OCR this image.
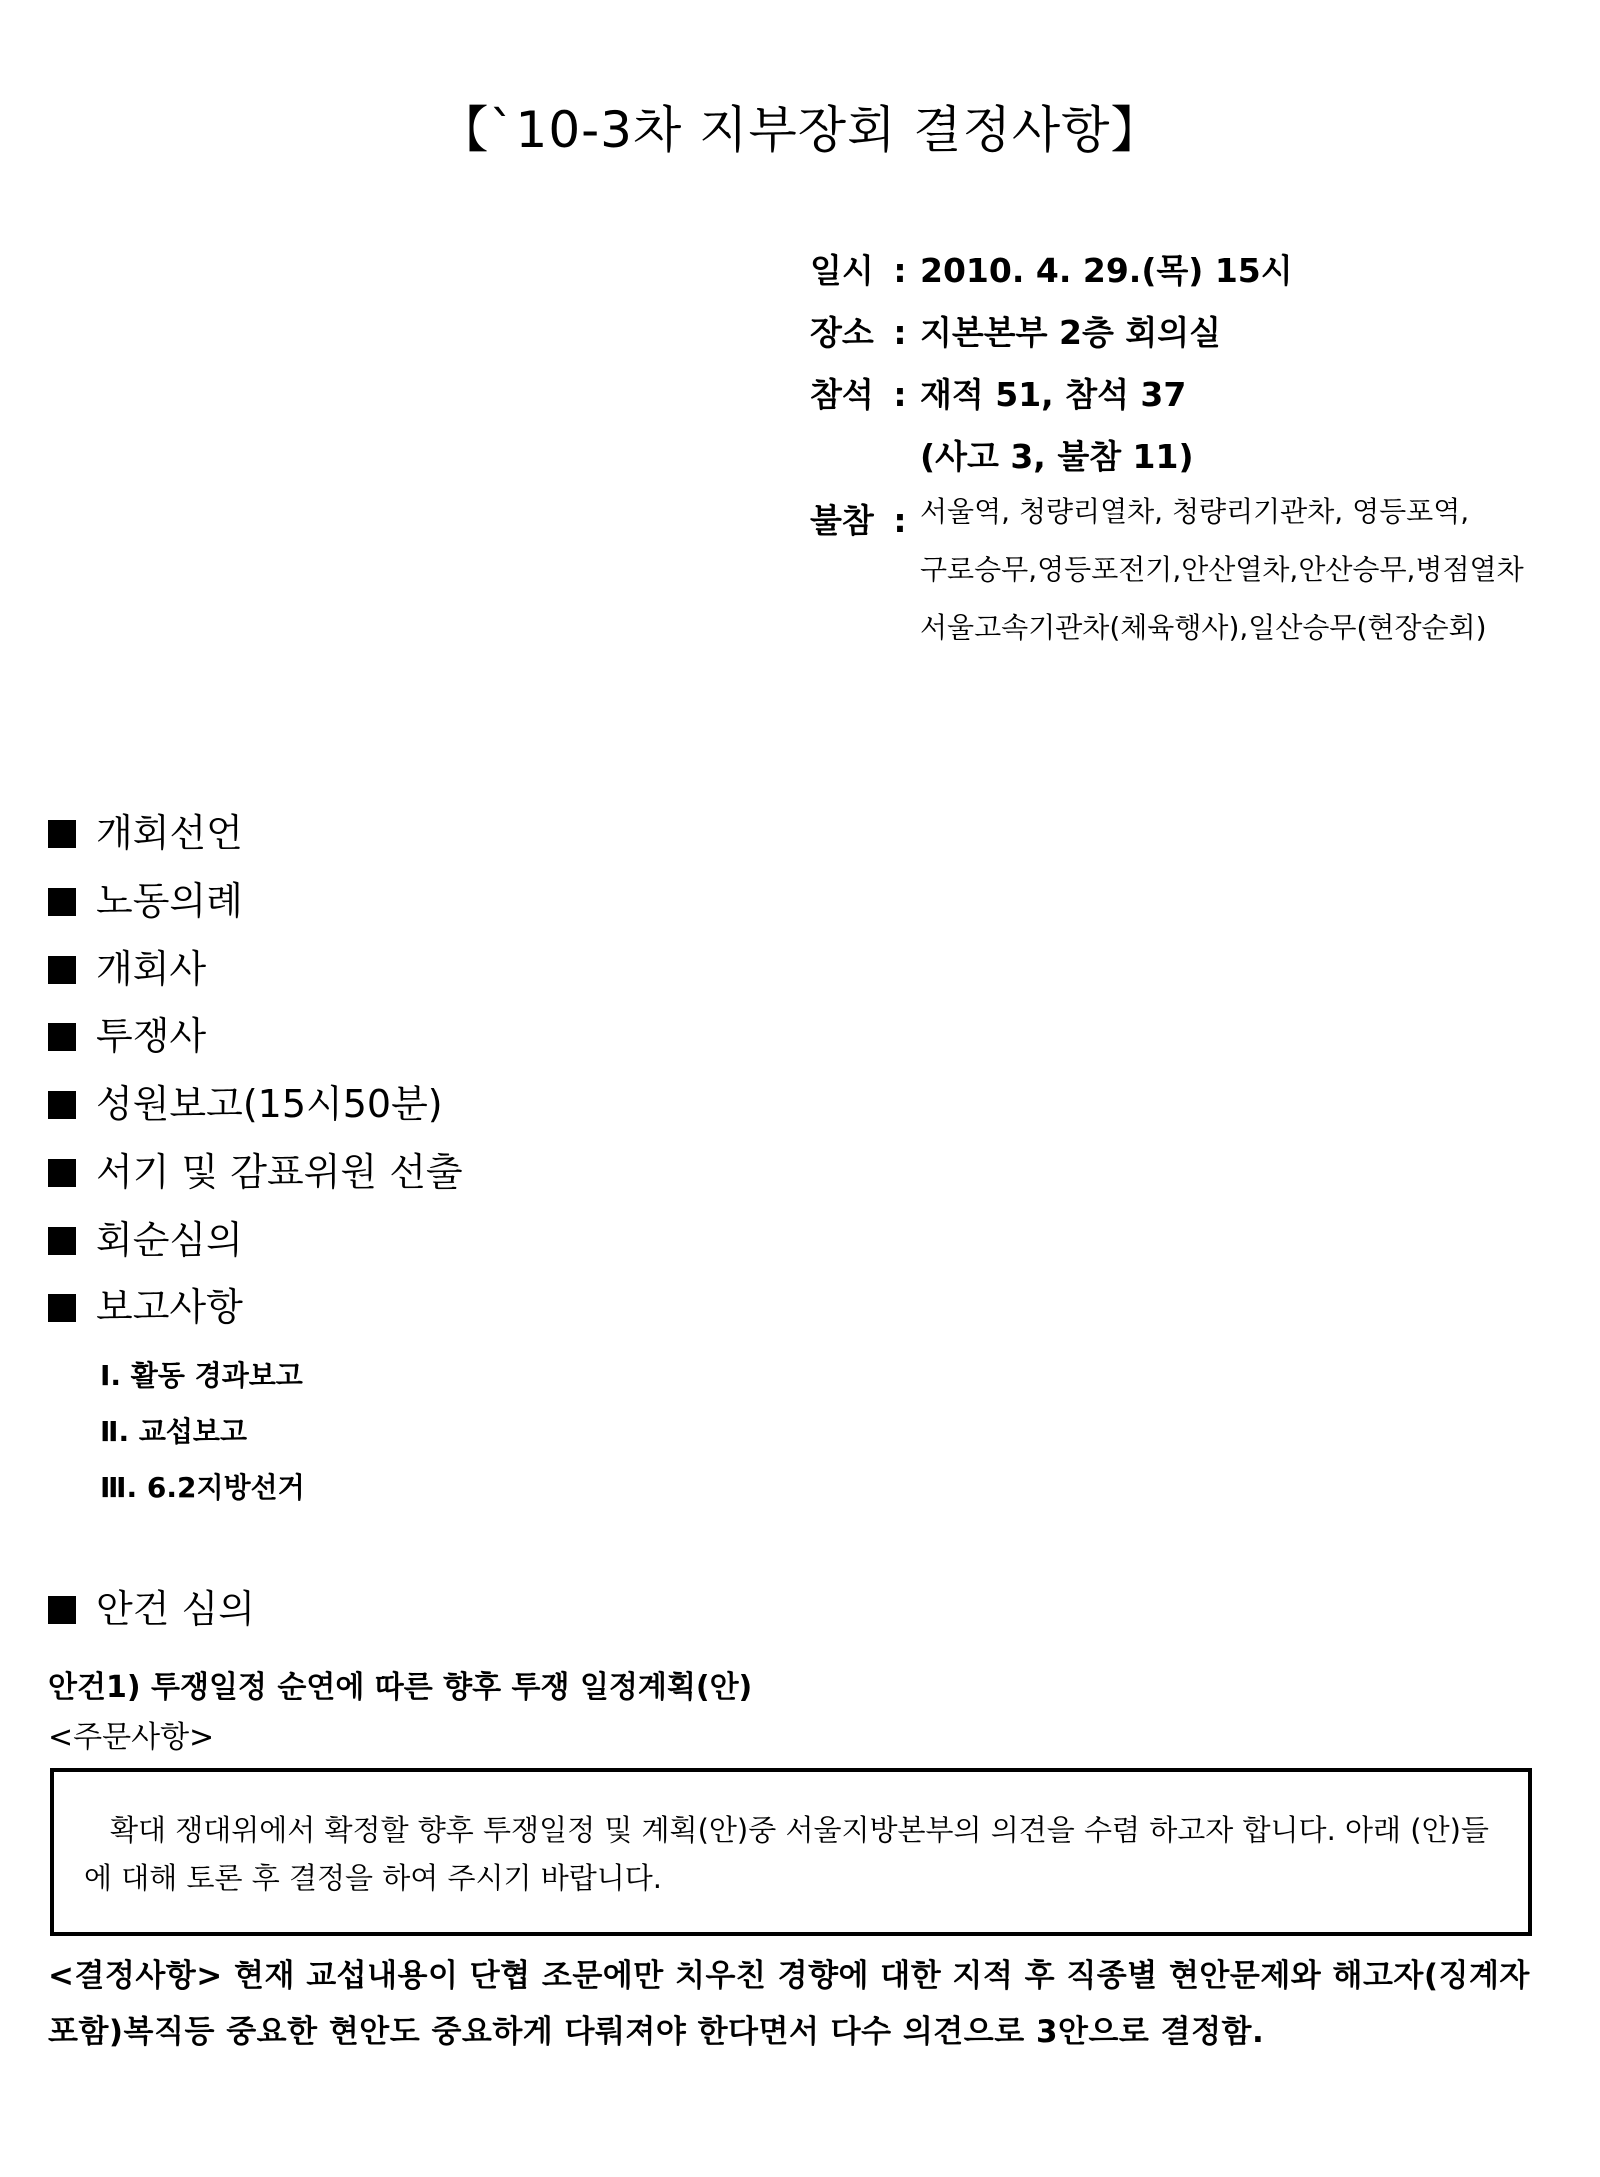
【`10-3차 지부장회 결정사항】
일시 : 2010. 4. 29.(목) 15시
장소 : 지본본부 2층 회의실
참석 : 재적 51, 참석 37
(사고 3, 불참 11)
불참 : 서울역, 청량리열차, 청량리기관차, 영등포역,
구로승무,영등포전기,안산열차,안산승무,병점열차
서울고속기관차(체육행사),일산승무(현장순회)
개회선언
노동의례
개회사
투쟁사
성원보고(15시50분)
서기 및 감표위원 선출
회순심의
보고사항
Ⅰ. 활동 경과보고
Ⅱ. 교섭보고
Ⅲ. 6.2지방선거
안건 심의
안건1) 투쟁일정 순연에 따른 향후 투쟁 일정계획(안)
<주문사항>
확대 쟁대위에서 확정할 향후 투쟁일정 및 계획(안)중 서울지방본부의 의견을 수렴 하고자 합니다. 아래 (안)들에 대해 토론 후 결정을 하여 주시기 바랍니다.
<결정사항> 현재 교섭내용이 단협 조문에만 치우친 경향에 대한 지적 후 직종별 현안문제와 해고자(징계자포함)복직등 중요한 현안도 중요하게 다뤄져야 한다면서 다수 의견으로 3안으로 결정함.
